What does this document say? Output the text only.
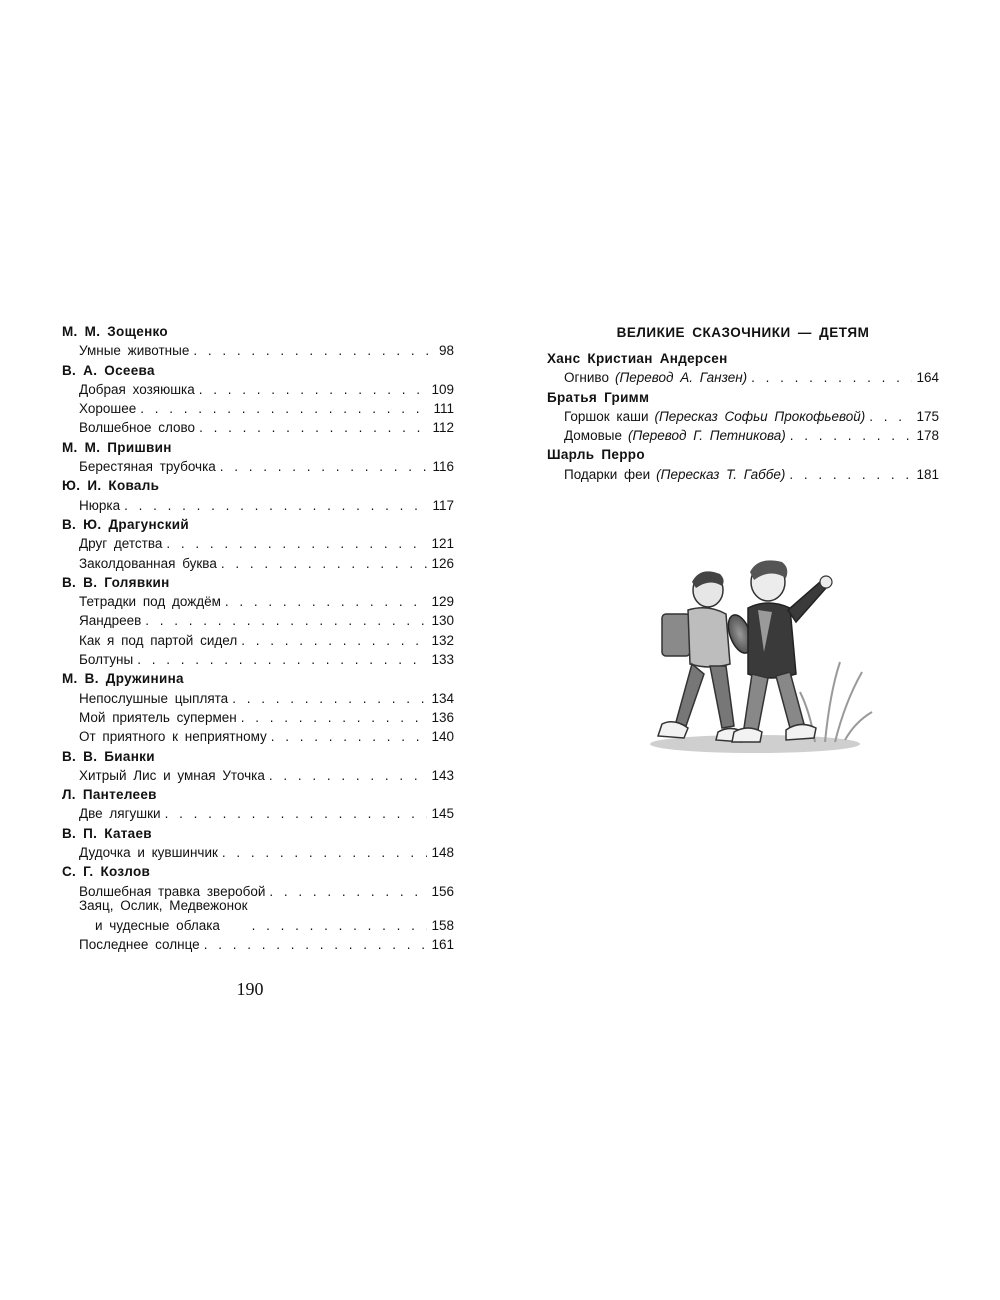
М. М. Зощенко
Умные животные . . .	98
В. А. Осеева
Добрая хозяюшка . . .	109
Хорошее . . .	111
Волшебное слово . . .	112
М. М. Пришвин
Берестяная трубочка . . .	116
Ю. И. Коваль
Нюрка . . .	117
В. Ю. Драгунский
Друг детства . . .	121
Заколдованная буква . . .	126
В. В. Голявкин
Тетрадки под дождём . . .	129
Яандреев . . .	130
Как я под партой сидел . . .	132
Болтуны . . .	133
М. В. Дружинина
Непослушные цыплята . . .	134
Мой приятель супермен . . .	136
От приятного к неприятному . . .	140
В. В. Бианки
Хитрый Лис и умная Уточка . . .	143
Л. Пантелеев
Две лягушки . . .	145
В. П. Катаев
Дудочка и кувшинчик . . .	148
С. Г. Козлов
Волшебная травка зверобой . . .	156
Заяц, Ослик, Медвежонок
и чудесные облака . . .	158
Последнее солнце . . .	161
190
ВЕЛИКИЕ СКАЗОЧНИКИ — ДЕТЯМ
Ханс Кристиан Андерсен
Огниво (Перевод А. Ганзен) . . .	164
Братья Гримм
Горшок каши (Пересказ Софьи Прокофьевой) . . .	175
Домовые (Перевод Г. Петникова) . . .	178
Шарль Перро
Подарки феи (Пересказ Т. Габбе) . . .	181
